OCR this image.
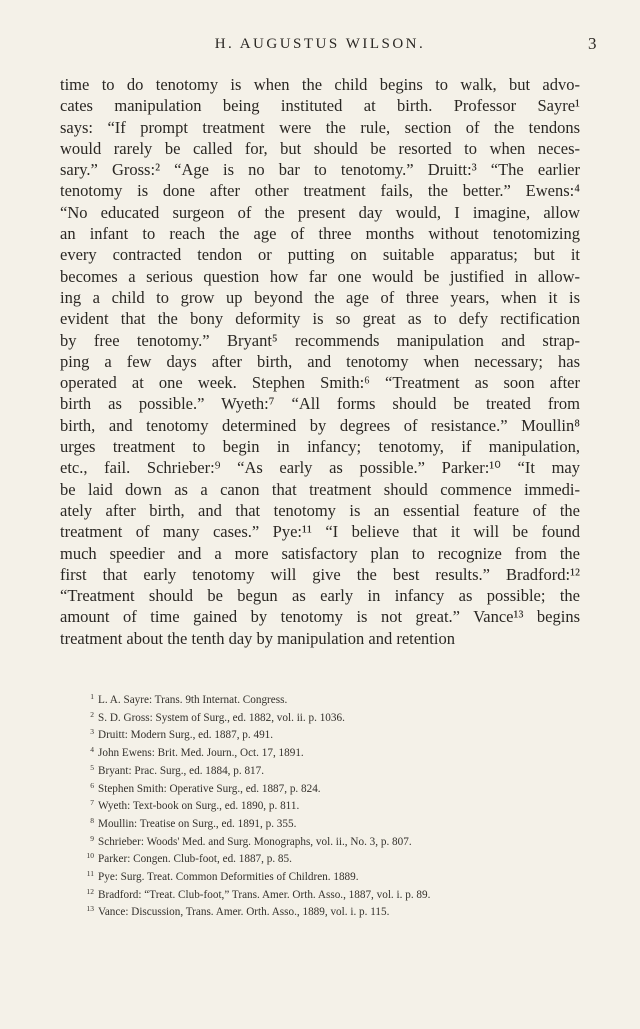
H. AUGUSTUS WILSON.	3
time to do tenotomy is when the child begins to walk, but advo-
cates manipulation being instituted at birth. Professor Sayre¹
says: “If prompt treatment were the rule, section of the tendons
would rarely be called for, but should be resorted to when neces-
sary.” Gross:² “Age is no bar to tenotomy.” Druitt:³ “The earlier
tenotomy is done after other treatment fails, the better.” Ewens:⁴
“No educated surgeon of the present day would, I imagine, allow
an infant to reach the age of three months without tenotomizing
every contracted tendon or putting on suitable apparatus; but it
becomes a serious question how far one would be justified in allow-
ing a child to grow up beyond the age of three years, when it is
evident that the bony deformity is so great as to defy rectification
by free tenotomy.” Bryant⁵ recommends manipulation and strap-
ping a few days after birth, and tenotomy when necessary; has
operated at one week. Stephen Smith:⁶ “Treatment as soon after
birth as possible.” Wyeth:⁷ “All forms should be treated from
birth, and tenotomy determined by degrees of resistance.” Moullin⁸
urges treatment to begin in infancy; tenotomy, if manipulation,
etc., fail. Schrieber:⁹ “As early as possible.” Parker:¹⁰ “It may
be laid down as a canon that treatment should commence immedi-
ately after birth, and that tenotomy is an essential feature of the
treatment of many cases.” Pye:¹¹ “I believe that it will be found
much speedier and a more satisfactory plan to recognize from the
first that early tenotomy will give the best results.” Bradford:¹²
“Treatment should be begun as early in infancy as possible; the
amount of time gained by tenotomy is not great.” Vance¹³ begins
treatment about the tenth day by manipulation and retention
$^1$ L. A. Sayre: Trans. 9th Internat. Congress.
$^2$ S. D. Gross: System of Surg., ed. 1882, vol. ii. p. 1036.
$^3$ Druitt: Modern Surg., ed. 1887, p. 491.
$^4$ John Ewens: Brit. Med. Journ., Oct. 17, 1891.
$^5$ Bryant: Prac. Surg., ed. 1884, p. 817.
$^6$ Stephen Smith: Operative Surg., ed. 1887, p. 824.
$^7$ Wyeth: Text-book on Surg., ed. 1890, p. 811.
$^8$ Moullin: Treatise on Surg., ed. 1891, p. 355.
$^9$ Schrieber: Woods' Med. and Surg. Monographs, vol. ii., No. 3, p. 807.
$^{10}$ Parker: Congen. Club-foot, ed. 1887, p. 85.
$^{11}$ Pye: Surg. Treat. Common Deformities of Children. 1889.
$^{12}$ Bradford: “Treat. Club-foot,” Trans. Amer. Orth. Asso., 1887, vol. i. p. 89.
$^{13}$ Vance: Discussion, Trans. Amer. Orth. Asso., 1889, vol. i. p. 115.
